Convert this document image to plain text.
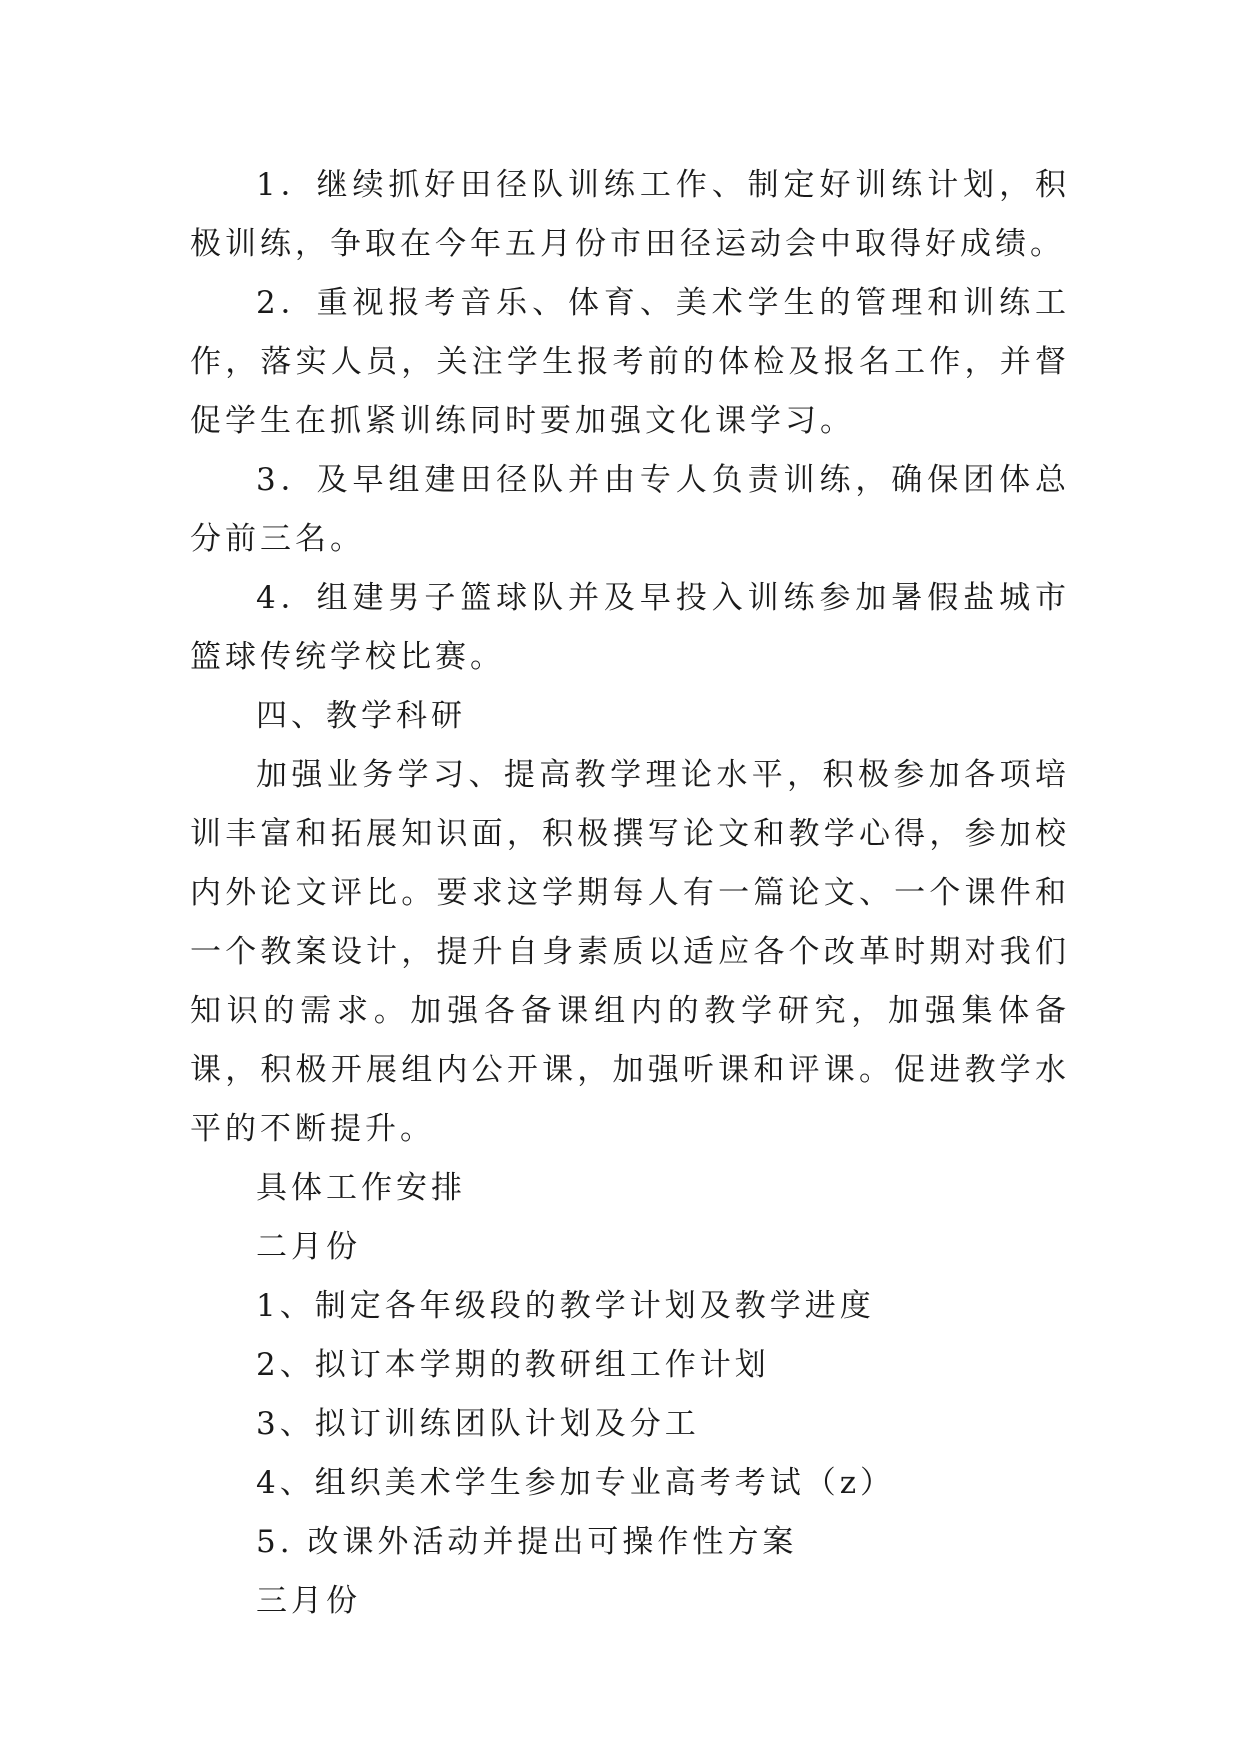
1．继续抓好田径队训练工作、制定好训练计划，积极训练，争取在今年五月份市田径运动会中取得好成绩。

2．重视报考音乐、体育、美术学生的管理和训练工作，落实人员，关注学生报考前的体检及报名工作，并督促学生在抓紧训练同时要加强文化课学习。

3．及早组建田径队并由专人负责训练，确保团体总分前三名。

4．组建男子篮球队并及早投入训练参加暑假盐城市篮球传统学校比赛。

四、教学科研

加强业务学习、提高教学理论水平，积极参加各项培训丰富和拓展知识面，积极撰写论文和教学心得，参加校内外论文评比。要求这学期每人有一篇论文、一个课件和一个教案设计，提升自身素质以适应各个改革时期对我们知识的需求。加强各备课组内的教学研究，加强集体备课，积极开展组内公开课，加强听课和评课。促进教学水平的不断提升。

具体工作安排

二月份

1、制定各年级段的教学计划及教学进度

2、拟订本学期的教研组工作计划

3、拟订训练团队计划及分工

4、组织美术学生参加专业高考考试（z）

5. 改课外活动并提出可操作性方案

三月份
